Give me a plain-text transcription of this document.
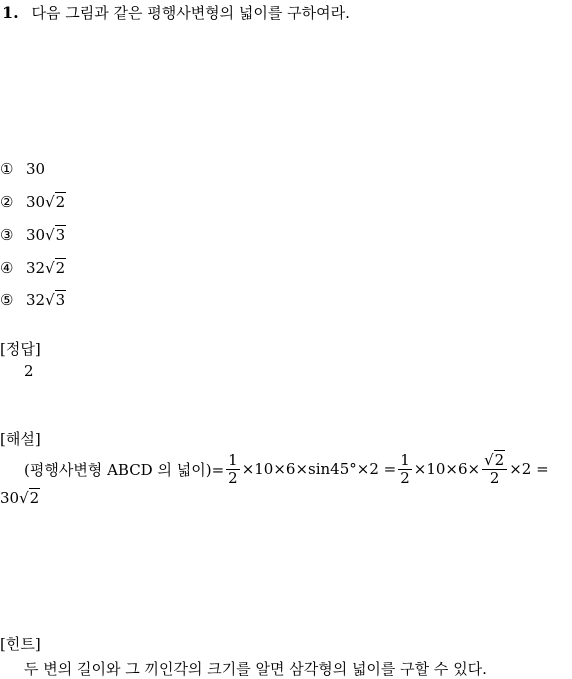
1. 다음 그림과 같은 평행사변형의 넓이를 구하여라.
① 30
② 30√2
③ 30√3
④ 32√2
⑤ 32√3
[정답]
2
[해설]
(평행사변형 ABCD 의 넓이)= $\frac{1}{2} \times 10\times 6\times\sin 45^\circ\times 2 = \frac{1}{2} \times 10\times 6\times \frac{√2}{2} \times 2$ =
30√2
[힌트]
두 변의 길이와 그 끼인각의 크기를 알면 삼각형의 넓이를 구할 수 있다.
